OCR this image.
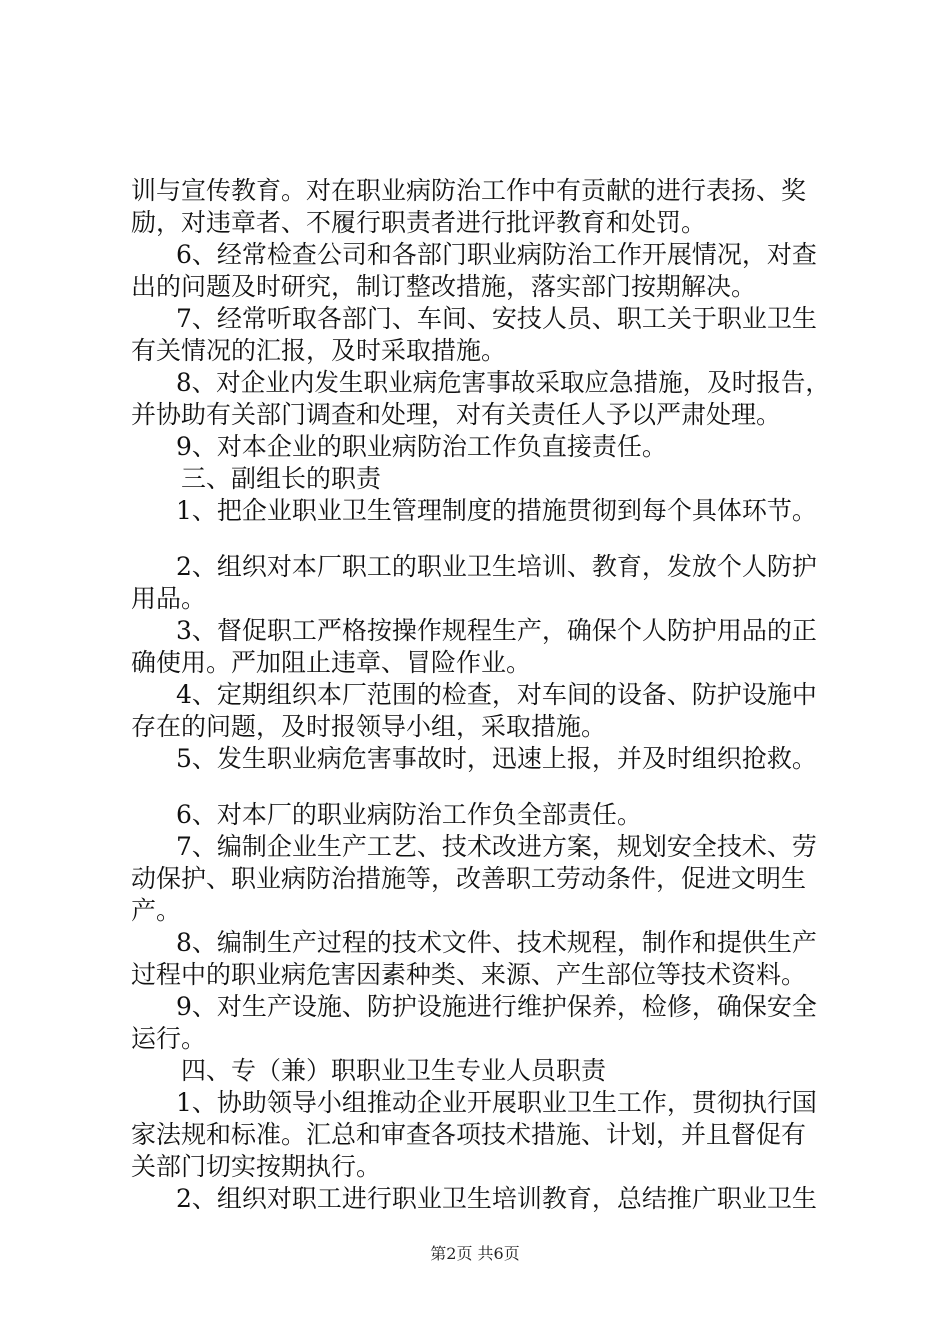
训与宣传教育。对在职业病防治工作中有贡献的进行表扬、奖
励，对违章者、不履行职责者进行批评教育和处罚。
6、经常检查公司和各部门职业病防治工作开展情况，对查
出的问题及时研究，制订整改措施，落实部门按期解决。
7、经常听取各部门、车间、安技人员、职工关于职业卫生
有关情况的汇报，及时采取措施。
8、对企业内发生职业病危害事故采取应急措施，及时报告，
并协助有关部门调查和处理，对有关责任人予以严肃处理。
9、对本企业的职业病防治工作负直接责任。
三、副组长的职责
1、把企业职业卫生管理制度的措施贯彻到每个具体环节。
2、组织对本厂职工的职业卫生培训、教育，发放个人防护
用品。
3、督促职工严格按操作规程生产，确保个人防护用品的正
确使用。严加阻止违章、冒险作业。
4、定期组织本厂范围的检查，对车间的设备、防护设施中
存在的问题，及时报领导小组，采取措施。
5、发生职业病危害事故时，迅速上报，并及时组织抢救。
6、对本厂的职业病防治工作负全部责任。
7、编制企业生产工艺、技术改进方案，规划安全技术、劳
动保护、职业病防治措施等，改善职工劳动条件，促进文明生
产。
8、编制生产过程的技术文件、技术规程，制作和提供生产
过程中的职业病危害因素种类、来源、产生部位等技术资料。
9、对生产设施、防护设施进行维护保养，检修，确保安全
运行。
四、专（兼）职职业卫生专业人员职责
1、协助领导小组推动企业开展职业卫生工作，贯彻执行国
家法规和标准。汇总和审查各项技术措施、计划，并且督促有
关部门切实按期执行。
2、组织对职工进行职业卫生培训教育，总结推广职业卫生
第2页 共6页
